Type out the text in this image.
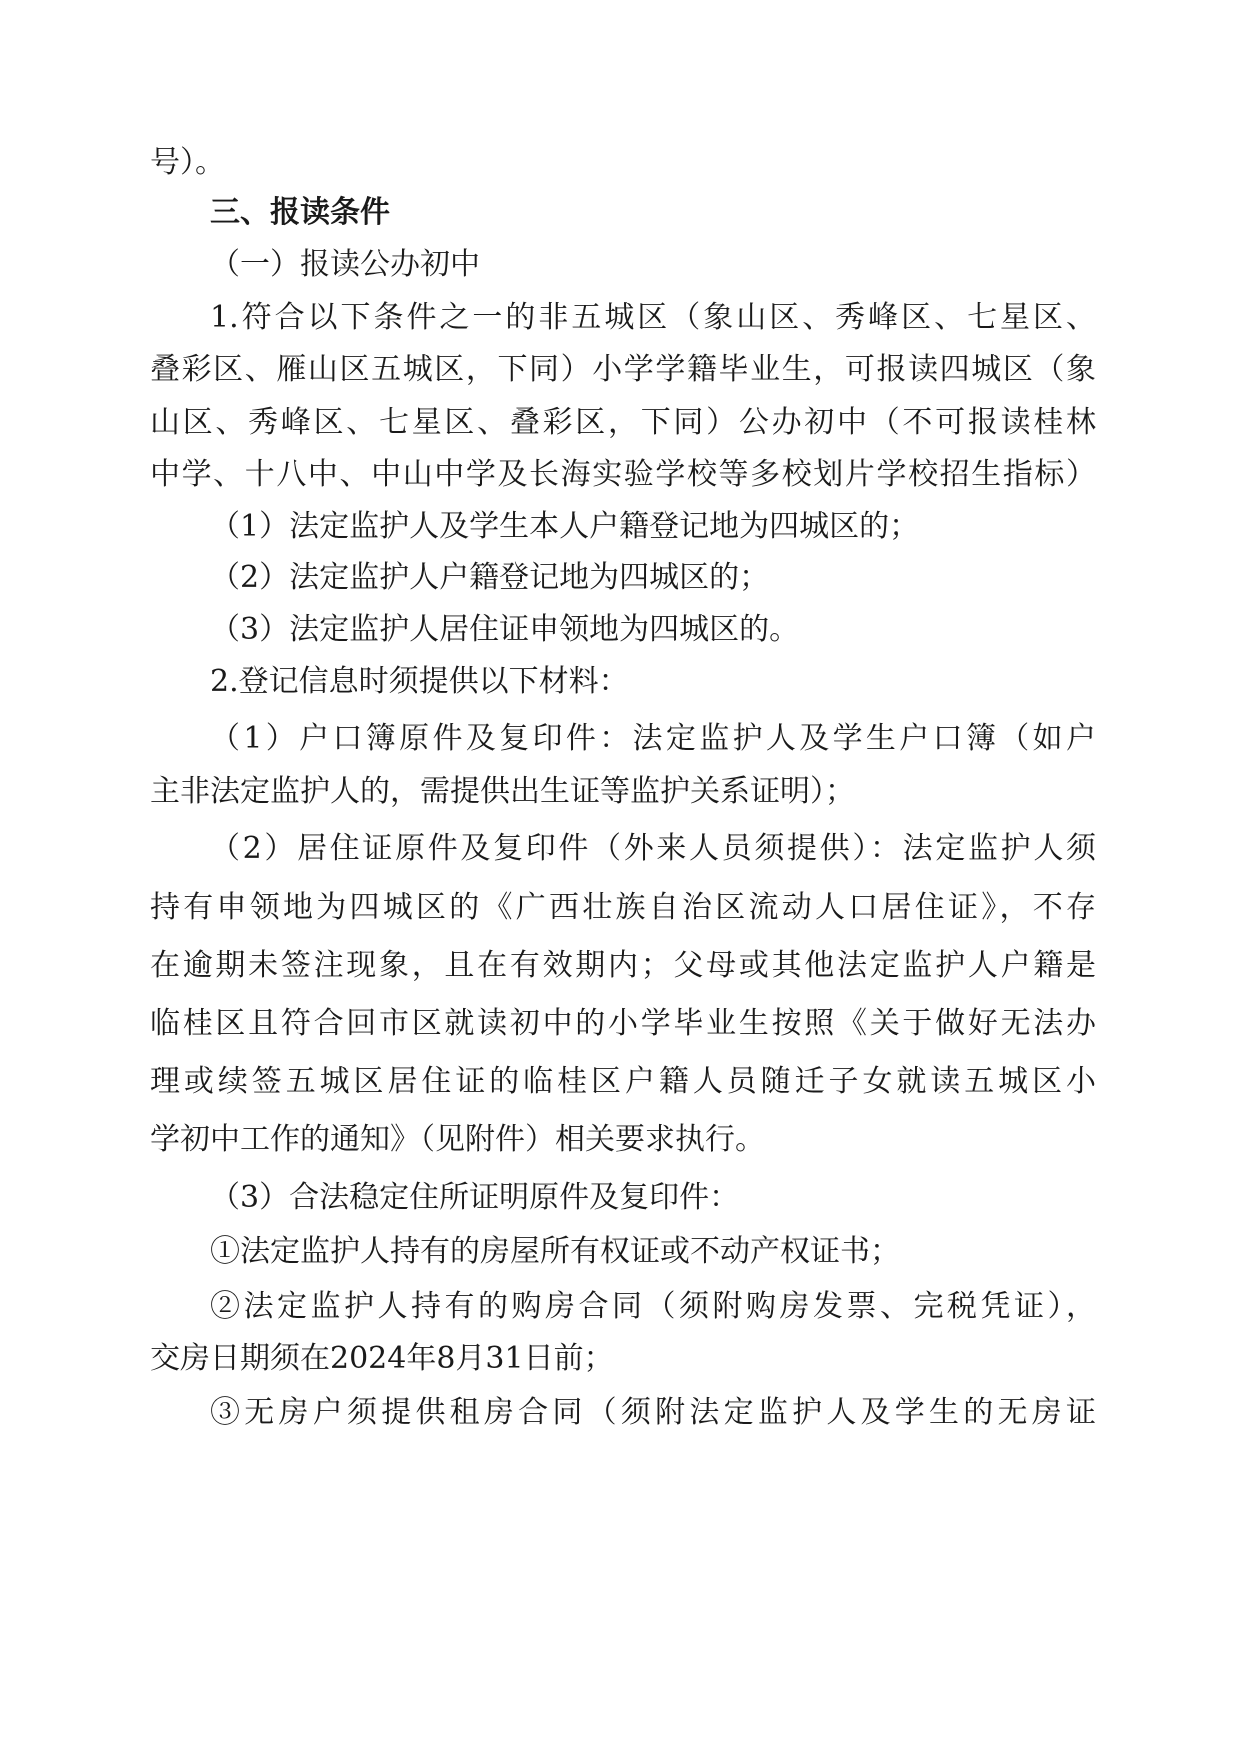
号）。

三、报读条件

（一）报读公办初中

1.符合以下条件之一的非五城区（象山区、秀峰区、七星区、

叠彩区、雁山区五城区，下同）小学学籍毕业生，可报读四城区（象

山区、秀峰区、七星区、叠彩区，下同）公办初中（不可报读桂林

中学、十八中、中山中学及长海实验学校等多校划片学校招生指标）

（1）法定监护人及学生本人户籍登记地为四城区的；

（2）法定监护人户籍登记地为四城区的；

（3）法定监护人居住证申领地为四城区的。

2.登记信息时须提供以下材料：

（1）户口簿原件及复印件：法定监护人及学生户口簿（如户

主非法定监护人的，需提供出生证等监护关系证明）；

（2）居住证原件及复印件（外来人员须提供）：法定监护人须

持有申领地为四城区的《广西壮族自治区流动人口居住证》，不存

在逾期未签注现象，且在有效期内；父母或其他法定监护人户籍是

临桂区且符合回市区就读初中的小学毕业生按照《关于做好无法办

理或续签五城区居住证的临桂区户籍人员随迁子女就读五城区小

学初中工作的通知》（见附件）相关要求执行。

（3）合法稳定住所证明原件及复印件：

①法定监护人持有的房屋所有权证或不动产权证书；

②法定监护人持有的购房合同（须附购房发票、完税凭证），

交房日期须在2024年8月31日前；

③无房户须提供租房合同（须附法定监护人及学生的无房证
